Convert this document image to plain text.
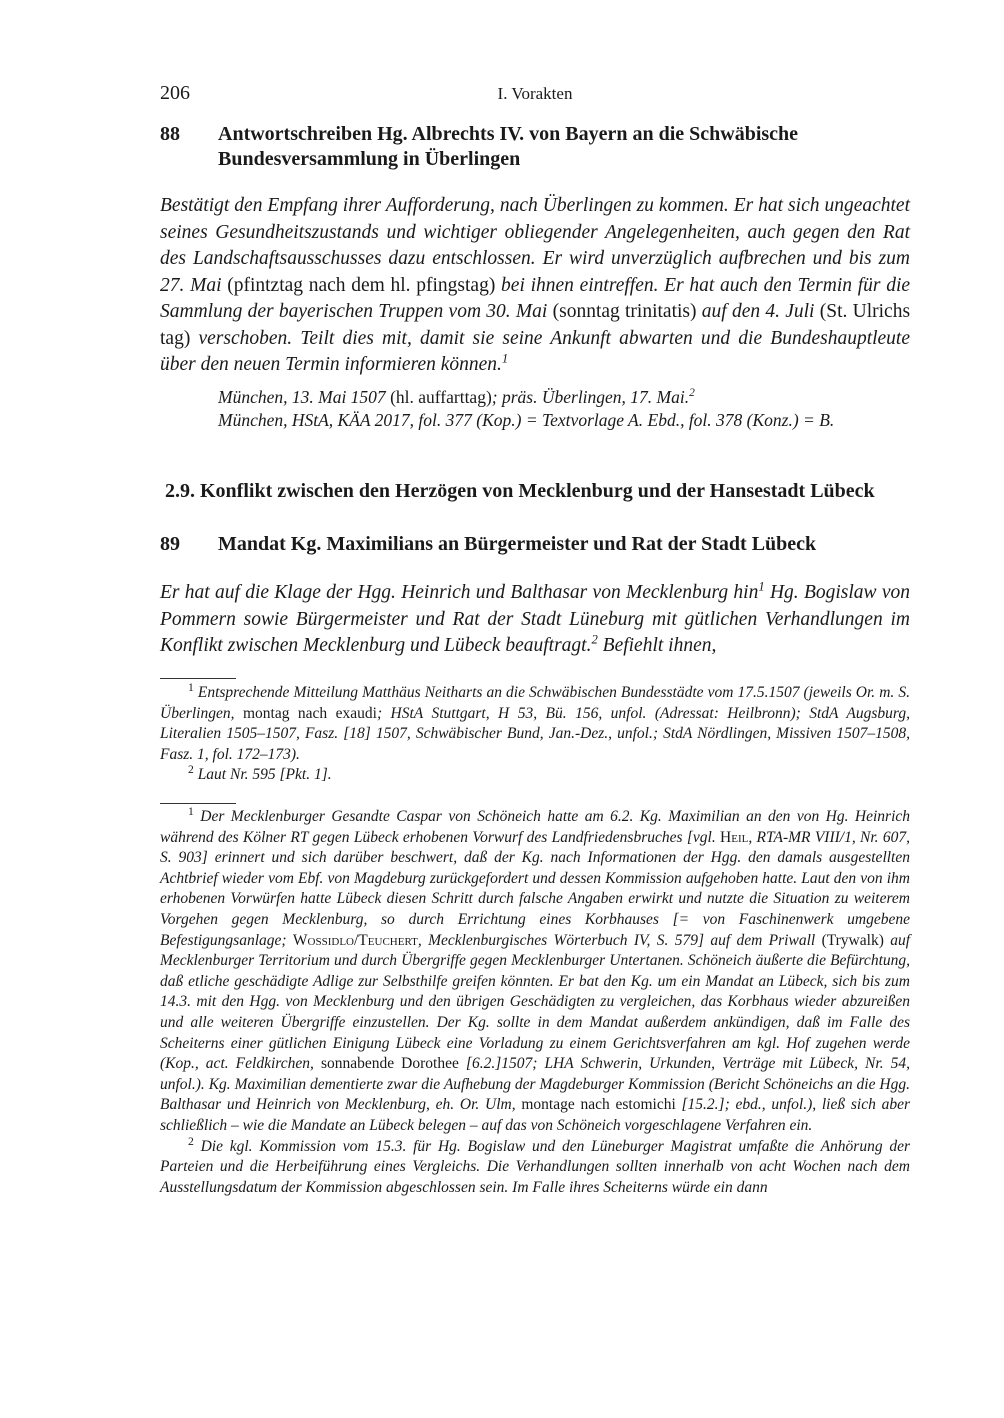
206	I. Vorakten
88 Antwortschreiben Hg. Albrechts IV. von Bayern an die Schwäbische Bundesversammlung in Überlingen
Bestätigt den Empfang ihrer Aufforderung, nach Überlingen zu kommen. Er hat sich ungeachtet seines Gesundheitszustands und wichtiger obliegender Angelegenheiten, auch gegen den Rat des Landschaftsausschusses dazu entschlossen. Er wird unverzüglich aufbrechen und bis zum 27. Mai (pfintztag nach dem hl. pfingstag) bei ihnen eintreffen. Er hat auch den Termin für die Sammlung der bayerischen Truppen vom 30. Mai (sonntag trinitatis) auf den 4. Juli (St. Ulrichs tag) verschoben. Teilt dies mit, damit sie seine Ankunft abwarten und die Bundeshauptleute über den neuen Termin informieren können.$^1$
München, 13. Mai 1507 (hl. auffarttag); präs. Überlingen, 17. Mai.$^2$
München, HStA, KÄA 2017, fol. 377 (Kop.) = Textvorlage A. Ebd., fol. 378 (Konz.) = B.
2.9. Konflikt zwischen den Herzögen von Mecklenburg und der Hansestadt Lübeck
89 Mandat Kg. Maximilians an Bürgermeister und Rat der Stadt Lübeck
Er hat auf die Klage der Hgg. Heinrich und Balthasar von Mecklenburg hin$^1$ Hg. Bogislaw von Pommern sowie Bürgermeister und Rat der Stadt Lüneburg mit gütlichen Verhandlungen im Konflikt zwischen Mecklenburg und Lübeck beauftragt.$^2$ Befiehlt ihnen,

$^1$ Entsprechende Mitteilung Matthäus Neitharts an die Schwäbischen Bundesstädte vom 17.5.1507 (jeweils Or. m. S. Überlingen, montag nach exaudi; HStA Stuttgart, H 53, Bü. 156, unfol. (Adressat: Heilbronn); StdA Augsburg, Literalien 1505–1507, Fasz. [18] 1507, Schwäbischer Bund, Jan.-Dez., unfol.; StdA Nördlingen, Missiven 1507–1508, Fasz. 1, fol. 172–173).

$^2$ Laut Nr. 595 [Pkt. 1].

$^1$ Der Mecklenburger Gesandte Caspar von Schöneich hatte am 6.2. Kg. Maximilian an den von Hg. Heinrich während des Kölner RT gegen Lübeck erhobenen Vorwurf des Landfriedensbruches [vgl. Heil, RTA-MR VIII/1, Nr. 607, S. 903] erinnert und sich darüber beschwert, daß der Kg. nach Informationen der Hgg. den damals ausgestellten Achtbrief wieder vom Ebf. von Magdeburg zurückgefordert und dessen Kommission aufgehoben hatte. Laut den von ihm erhobenen Vorwürfen hatte Lübeck diesen Schritt durch falsche Angaben erwirkt und nutzte die Situation zu weiterem Vorgehen gegen Mecklenburg, so durch Errichtung eines Korbhauses [= von Faschinenwerk umgebene Befestigungsanlage; Wossidlo/Teuchert, Mecklenburgisches Wörterbuch IV, S. 579] auf dem Priwall (Trywalk) auf Mecklenburger Territorium und durch Übergriffe gegen Mecklenburger Untertanen. Schöneich äußerte die Befürchtung, daß etliche geschädigte Adlige zur Selbsthilfe greifen könnten. Er bat den Kg. um ein Mandat an Lübeck, sich bis zum 14.3. mit den Hgg. von Mecklenburg und den übrigen Geschädigten zu vergleichen, das Korbhaus wieder abzureißen und alle weiteren Übergriffe einzustellen. Der Kg. sollte in dem Mandat außerdem ankündigen, daß im Falle des Scheiterns einer gütlichen Einigung Lübeck eine Vorladung zu einem Gerichtsverfahren am kgl. Hof zugehen werde (Kop., act. Feldkirchen, sonnabende Dorothee [6.2.]1507; LHA Schwerin, Urkunden, Verträge mit Lübeck, Nr. 54, unfol.). Kg. Maximilian dementierte zwar die Aufhebung der Magdeburger Kommission (Bericht Schöneichs an die Hgg. Balthasar und Heinrich von Mecklenburg, eh. Or. Ulm, montage nach estomichi [15.2.]; ebd., unfol.), ließ sich aber schließlich – wie die Mandate an Lübeck belegen – auf das von Schöneich vorgeschlagene Verfahren ein.

$^2$ Die kgl. Kommission vom 15.3. für Hg. Bogislaw und den Lüneburger Magistrat umfaßte die Anhörung der Parteien und die Herbeiführung eines Vergleichs. Die Verhandlungen sollten innerhalb von acht Wochen nach dem Ausstellungsdatum der Kommission abgeschlossen sein. Im Falle ihres Scheiterns würde ein dann
